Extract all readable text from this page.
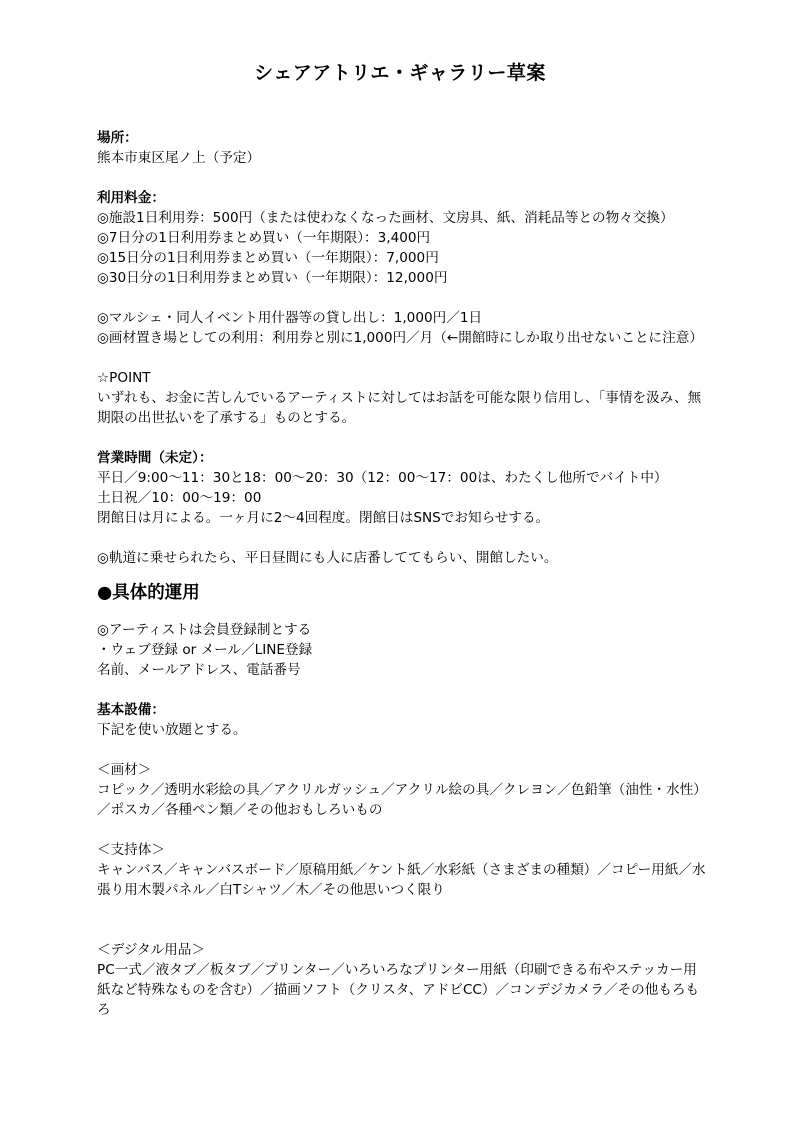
シェアアトリエ・ギャラリー草案
場所：
熊本市東区尾ノ上（予定）
利用料金：
◎施設1日利用券：500円（または使わなくなった画材、文房具、紙、消耗品等との物々交換）
◎7日分の1日利用券まとめ買い（一年期限）：3,400円
◎15日分の1日利用券まとめ買い（一年期限）：7,000円
◎30日分の1日利用券まとめ買い（一年期限）：12,000円
◎マルシェ・同人イベント用什器等の貸し出し：1,000円／1日
◎画材置き場としての利用：利用券と別に1,000円／月（←開館時にしか取り出せないことに注意）
☆POINT
いずれも、お金に苦しんでいるアーティストに対してはお話を可能な限り信用し、「事情を汲み、無期限の出世払いを了承する」ものとする。
営業時間（未定）：
平日／9:00〜11：30と18：00〜20：30（12：00〜17：00は、わたくし他所でバイト中）
土日祝／10：00〜19：00
閉館日は月による。一ヶ月に2〜4回程度。閉館日はSNSでお知らせする。
◎軌道に乗せられたら、平日昼間にも人に店番しててもらい、開館したい。
●具体的運用
◎アーティストは会員登録制とする
・ウェブ登録 or メール／LINE登録
名前、メールアドレス、電話番号
基本設備：
下記を使い放題とする。
＜画材＞
コピック／透明水彩絵の具／アクリルガッシュ／アクリル絵の具／クレヨン／色鉛筆（油性・水性）／ポスカ／各種ペン類／その他おもしろいもの
＜支持体＞
キャンバス／キャンバスボード／原稿用紙／ケント紙／水彩紙（さまざまの種類）／コピー用紙／水張り用木製パネル／白Tシャツ／木／その他思いつく限り
＜デジタル用品＞
PC一式／液タブ／板タブ／プリンター／いろいろなプリンター用紙（印刷できる布やステッカー用紙など特殊なものを含む）／描画ソフト（クリスタ、アドビCC）／コンデジカメラ／その他もろもろ
